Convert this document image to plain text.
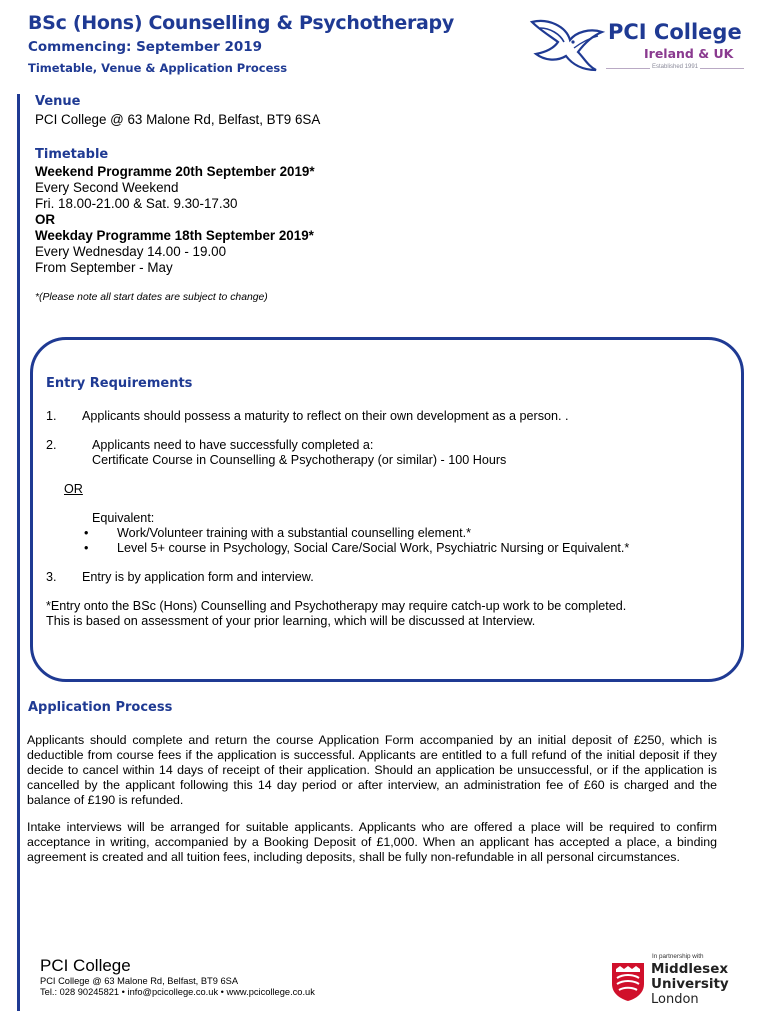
BSc (Hons) Counselling & Psychotherapy
Commencing: September 2019
Timetable, Venue & Application Process
PCI College
Ireland & UK
Established 1991
Venue
PCI College @ 63 Malone Rd, Belfast, BT9 6SA
Timetable
Weekend Programme 20th September 2019*
Every Second Weekend
Fri. 18.00-21.00 & Sat. 9.30-17.30
OR
Weekday Programme 18th September 2019*
Every Wednesday 14.00 - 19.00
From September - May
*(Please note all start dates are subject to change)
Entry Requirements
1. Applicants should possess a maturity to reflect on their own development as a person. .
2.	Applicants need to have successfully completed a:
Certificate Course in Counselling & Psychotherapy (or similar) - 100 Hours
OR
Equivalent:
• Work/Volunteer training with a substantial counselling element.*
• Level 5+ course in Psychology, Social Care/Social Work, Psychiatric Nursing or Equivalent.*
3. Entry is by application form and interview.
*Entry onto the BSc (Hons) Counselling and Psychotherapy may require catch-up work to be completed.
This is based on assessment of your prior learning, which will be discussed at Interview.
Application Process
Applicants should complete and return the course Application Form accompanied by an initial deposit of £250, which is deductible from course fees if the application is successful. Applicants are entitled to a full refund of the initial deposit if they decide to cancel within 14 days of receipt of their application. Should an application be unsuccessful, or if the application is cancelled by the applicant following this 14 day period or after interview, an administration fee of £60 is charged and the balance of £190 is refunded.
Intake interviews will be arranged for suitable applicants. Applicants who are offered a place will be required to confirm acceptance in writing, accompanied by a Booking Deposit of £1,000. When an applicant has accepted a place, a binding agreement is created and all tuition fees, including deposits, shall be fully non-refundable in all personal circumstances.
PCI College
PCI College @ 63 Malone Rd, Belfast, BT9 6SA
Tel.: 028 90245821 • info@pcicollege.co.uk • www.pcicollege.co.uk
In partnership with
Middlesex
University
London
